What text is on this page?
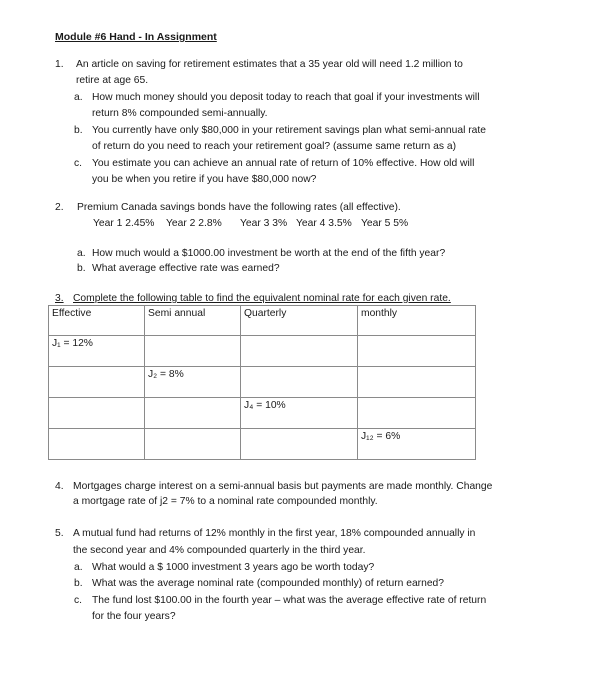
Module #6 Hand - In Assignment
1. An article on saving for retirement estimates that a 35 year old will need 1.2 million to
retire at age 65.
a. How much money should you deposit today to reach that goal if your investments will
return 8% compounded semi-annually.
b. You currently have only $80,000 in your retirement savings plan what semi-annual rate
of return do you need to reach your retirement goal? (assume same return as a)
c. You estimate you can achieve an annual rate of return of 10% effective. How old will
you be when you retire if you have $80,000 now?
2. Premium Canada savings bonds have the following rates (all effective).
Year 1 2.45% Year 2 2.8% Year 3 3% Year 4 3.5% Year 5 5%
a. How much would a $1000.00 investment be worth at the end of the fifth year?
b. What average effective rate was earned?
3. Complete the following table to find the equivalent nominal rate for each given rate.
Effective	Semi annual	Quarterly	monthly
J₁ = 12%			
	J₂ = 8%		
		J₄ = 10%	
			J₁₂ = 6%
4. Mortgages charge interest on a semi-annual basis but payments are made monthly. Change
a mortgage rate of j2 = 7% to a nominal rate compounded monthly.
5. A mutual fund had returns of 12% monthly in the first year, 18% compounded annually in
the second year and 4% compounded quarterly in the third year.
a. What would a $ 1000 investment 3 years ago be worth today?
b. What was the average nominal rate (compounded monthly) of return earned?
c. The fund lost $100.00 in the fourth year – what was the average effective rate of return
for the four years?
